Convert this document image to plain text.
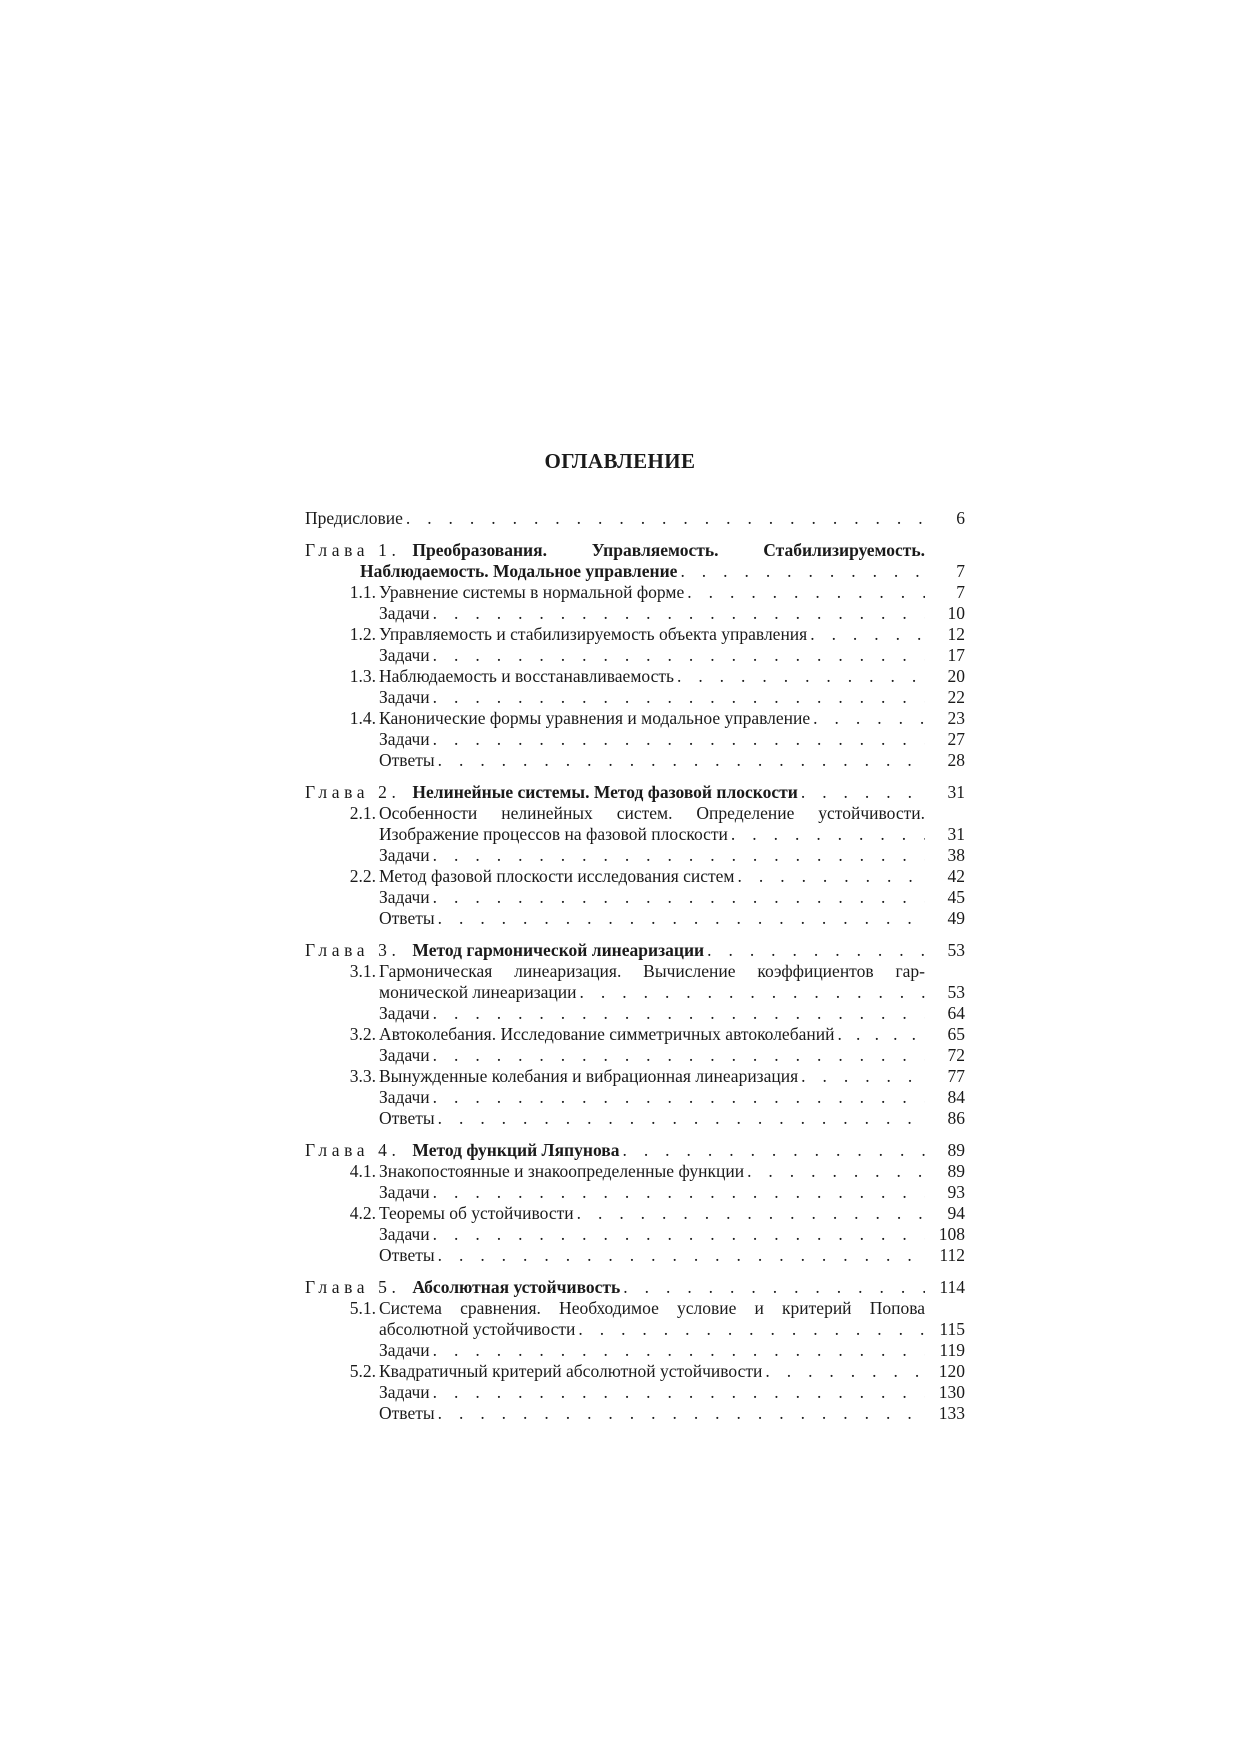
ОГЛАВЛЕНИЕ
Предисловие . . .	6
Глава 1. Преобразования. Управляемость. Стабилизируемость.
Наблюдаемость. Модальное управление . . .	7
1.1. Уравнение системы в нормальной форме . . .	7
Задачи . . .	10
1.2. Управляемость и стабилизируемость объекта управления . . .	12
Задачи . . .	17
1.3. Наблюдаемость и восстанавливаемость . . .	20
Задачи . . .	22
1.4. Канонические формы уравнения и модальное управление . . .	23
Задачи . . .	27
Ответы . . .	28
Глава 2. Нелинейные системы. Метод фазовой плоскости . . .	31
2.1. Особенности нелинейных систем. Определение устойчивости.
Изображение процессов на фазовой плоскости . . .	31
Задачи . . .	38
2.2. Метод фазовой плоскости исследования систем . . .	42
Задачи . . .	45
Ответы . . .	49
Глава 3. Метод гармонической линеаризации . . .	53
3.1. Гармоническая линеаризация. Вычисление коэффициентов гар-
монической линеаризации . . .	53
Задачи . . .	64
3.2. Автоколебания. Исследование симметричных автоколебаний . . .	65
Задачи . . .	72
3.3. Вынужденные колебания и вибрационная линеаризация . . .	77
Задачи . . .	84
Ответы . . .	86
Глава 4. Метод функций Ляпунова . . .	89
4.1. Знакопостоянные и знакоопределенные функции . . .	89
Задачи . . .	93
4.2. Теоремы об устойчивости . . .	94
Задачи . . .	108
Ответы . . .	112
Глава 5. Абсолютная устойчивость . . .	114
5.1. Система сравнения. Необходимое условие и критерий Попова
абсолютной устойчивости . . .	115
Задачи . . .	119
5.2. Квадратичный критерий абсолютной устойчивости . . .	120
Задачи . . .	130
Ответы . . .	133
